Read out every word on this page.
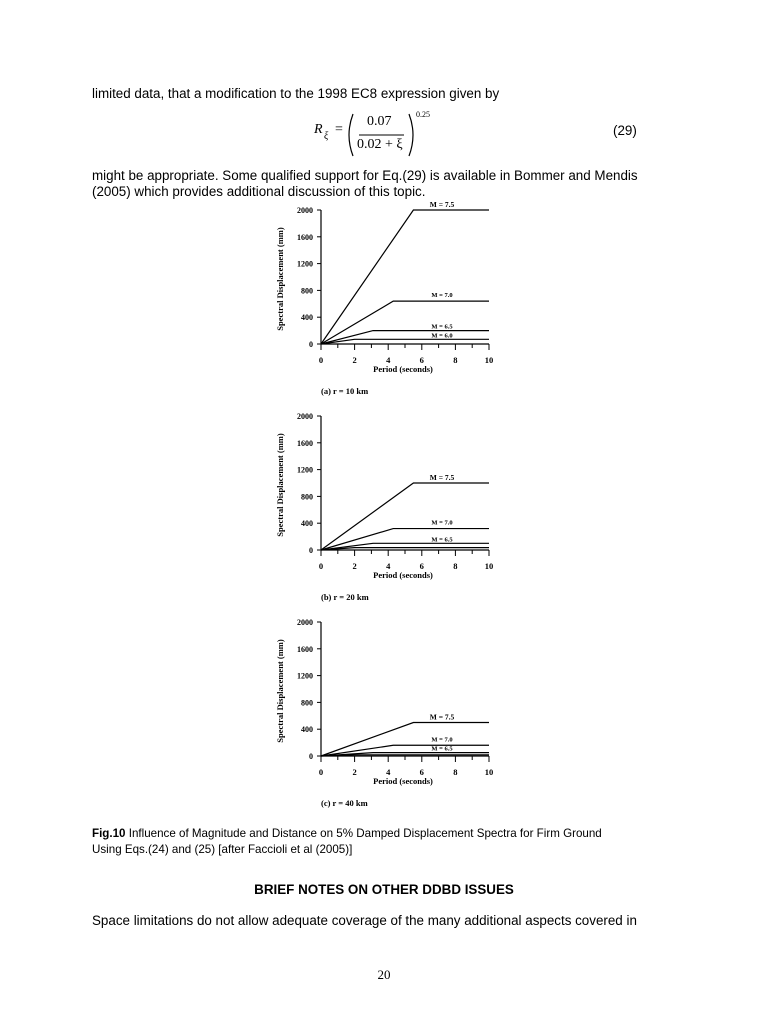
limited data, that a modification to the 1998 EC8 expression given by
R ξ =
0.07
0.02 + ξ
0.25
(29)
might be appropriate. Some qualified support for Eq.(29) is available in Bommer and Mendis
(2005) which provides additional discussion of this topic.
0
400
800
1200
1600
2000
0	2	4	6	8	10
Period (seconds)
Spectral Displacement (mm)
(a) r = 10 km
M = 7.5
M = 7.0
M = 6.5
M = 6.0
0
400
800
1200
1600
2000
0	2	4	6	8	10
Period (seconds)
Spectral Displacement (mm)
(b) r = 20 km
M = 7.5
M = 7.0
M = 6.5
0
400
800
1200
1600
2000
0	2	4	6	8	10
Period (seconds)
Spectral Displacement (mm)
(c) r = 40 km
M = 7.5
M = 7.0
M = 6.5
Fig.10 Influence of Magnitude and Distance on 5% Damped Displacement Spectra for Firm Ground
Using Eqs.(24) and (25) [after Faccioli et al (2005)]
BRIEF NOTES ON OTHER DDBD ISSUES
Space limitations do not allow adequate coverage of the many additional aspects covered in
20
